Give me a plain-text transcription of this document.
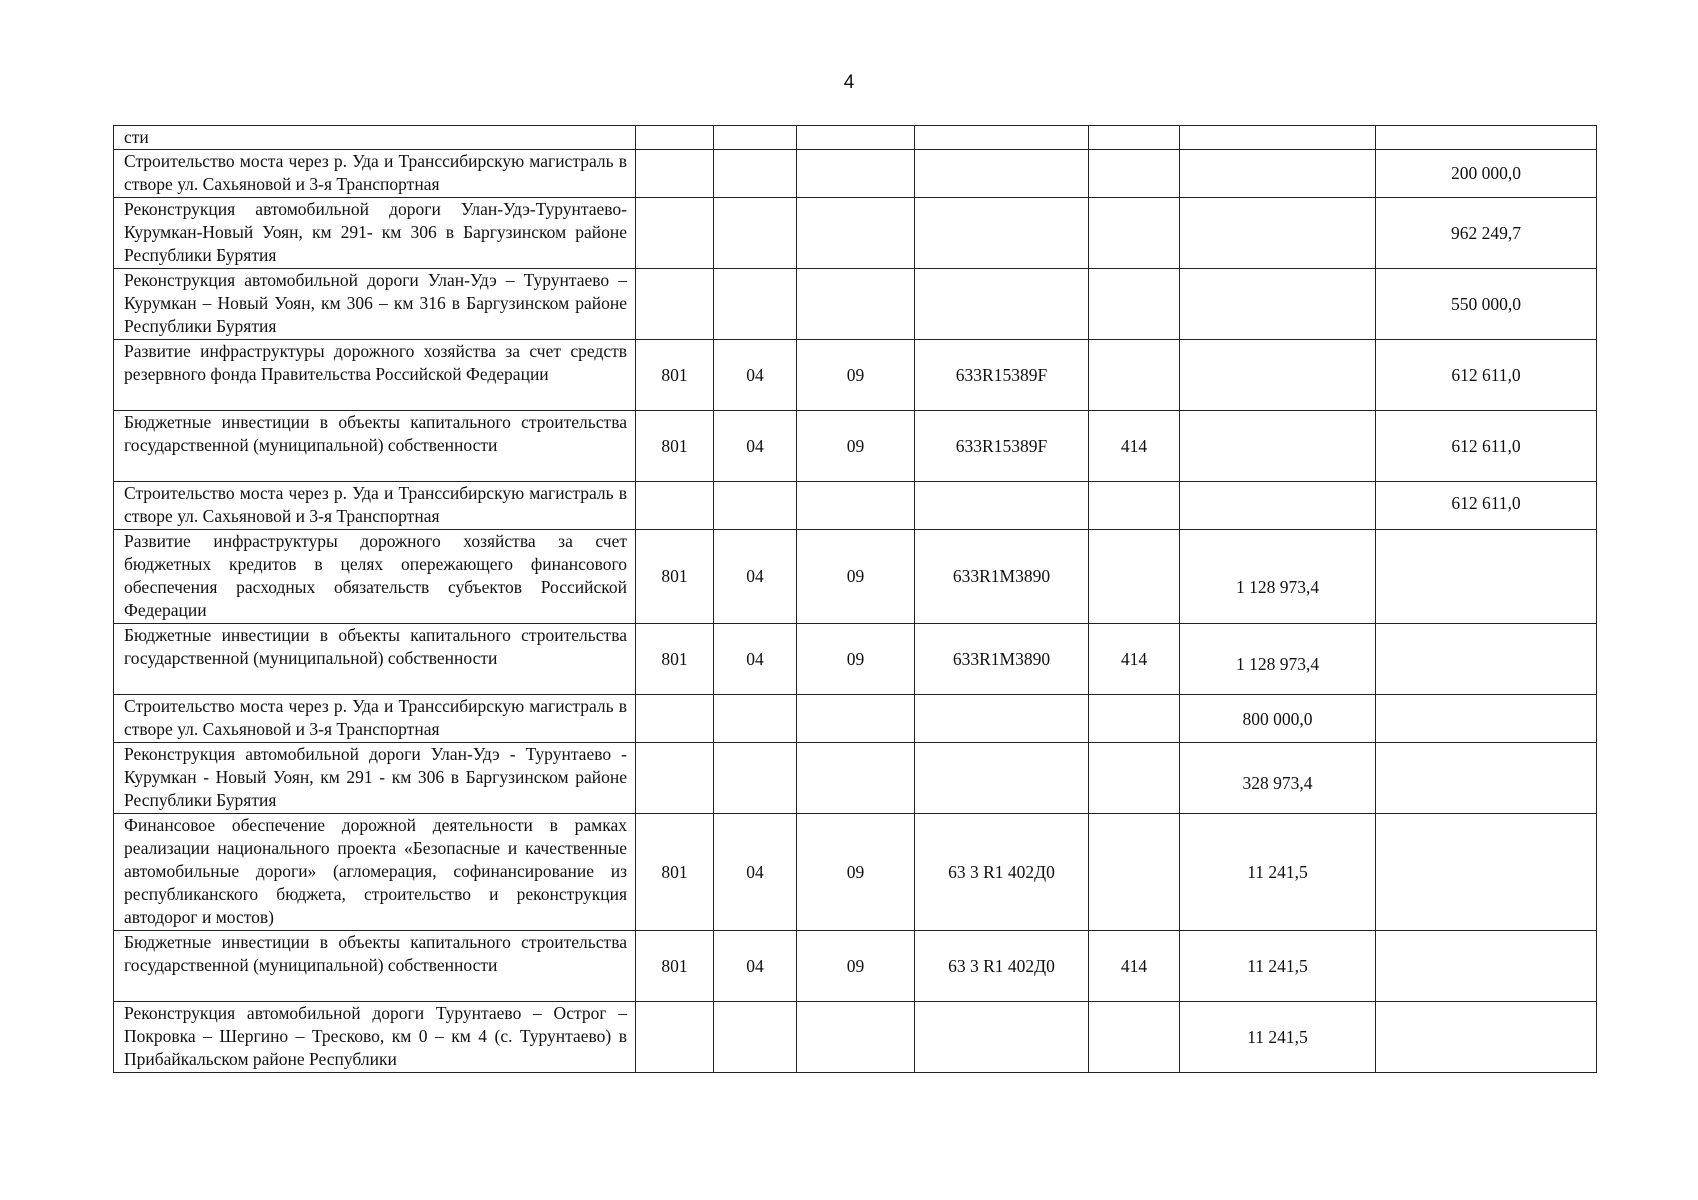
4
сти							
Строительство моста через р. Уда и Транссибирскую магистраль в створе ул. Сахьяновой и 3-я Транспортная							200 000,0
Реконструкция автомобильной дороги Улан-Удэ-Турунтаево-Курумкан-Новый Уоян, км 291- км 306 в Баргузинском районе Республики Бурятия							962 249,7
Реконструкция автомобильной дороги Улан-Удэ – Турунтаево – Курумкан – Новый Уоян, км 306 – км 316 в Баргузинском районе Республики Бурятия							550 000,0
Развитие инфраструктуры дорожного хозяйства за счет средств резервного фонда Правительства Российской Федерации	801	04	09	633R15389F			612 611,0
Бюджетные инвестиции в объекты капитального строительства государственной (муниципальной) собственности	801	04	09	633R15389F	414		612 611,0
Строительство моста через р. Уда и Транссибирскую магистраль в створе ул. Сахьяновой и 3-я Транспортная							612 611,0
Развитие инфраструктуры дорожного хозяйства за счет бюджетных кредитов в целях опережающего финансового обеспечения расходных обязательств субъектов Российской Федерации	801	04	09	633R1M3890		1 128 973,4	
Бюджетные инвестиции в объекты капитального строительства государственной (муниципальной) собственности	801	04	09	633R1M3890	414	1 128 973,4	
Строительство моста через р. Уда и Транссибирскую магистраль в створе ул. Сахьяновой и 3-я Транспортная						800 000,0	
Реконструкция автомобильной дороги Улан-Удэ - Турунтаево - Курумкан - Новый Уоян, км 291 - км 306 в Баргузинском районе Республики Бурятия						328 973,4	
Финансовое обеспечение дорожной деятельности в рамках реализации национального проекта «Безопасные и качественные автомобильные дороги» (агломерация, софинансирование из республиканского бюджета, строительство и реконструкция автодорог и мостов)	801	04	09	63 3 R1 402Д0		11 241,5	
Бюджетные инвестиции в объекты капитального строительства государственной (муниципальной) собственности	801	04	09	63 3 R1 402Д0	414	11 241,5	
Реконструкция автомобильной дороги Турунтаево – Острог – Покровка – Шергино – Тресково, км 0 – км 4 (с. Турунтаево) в Прибайкальском районе Республики						11 241,5	
